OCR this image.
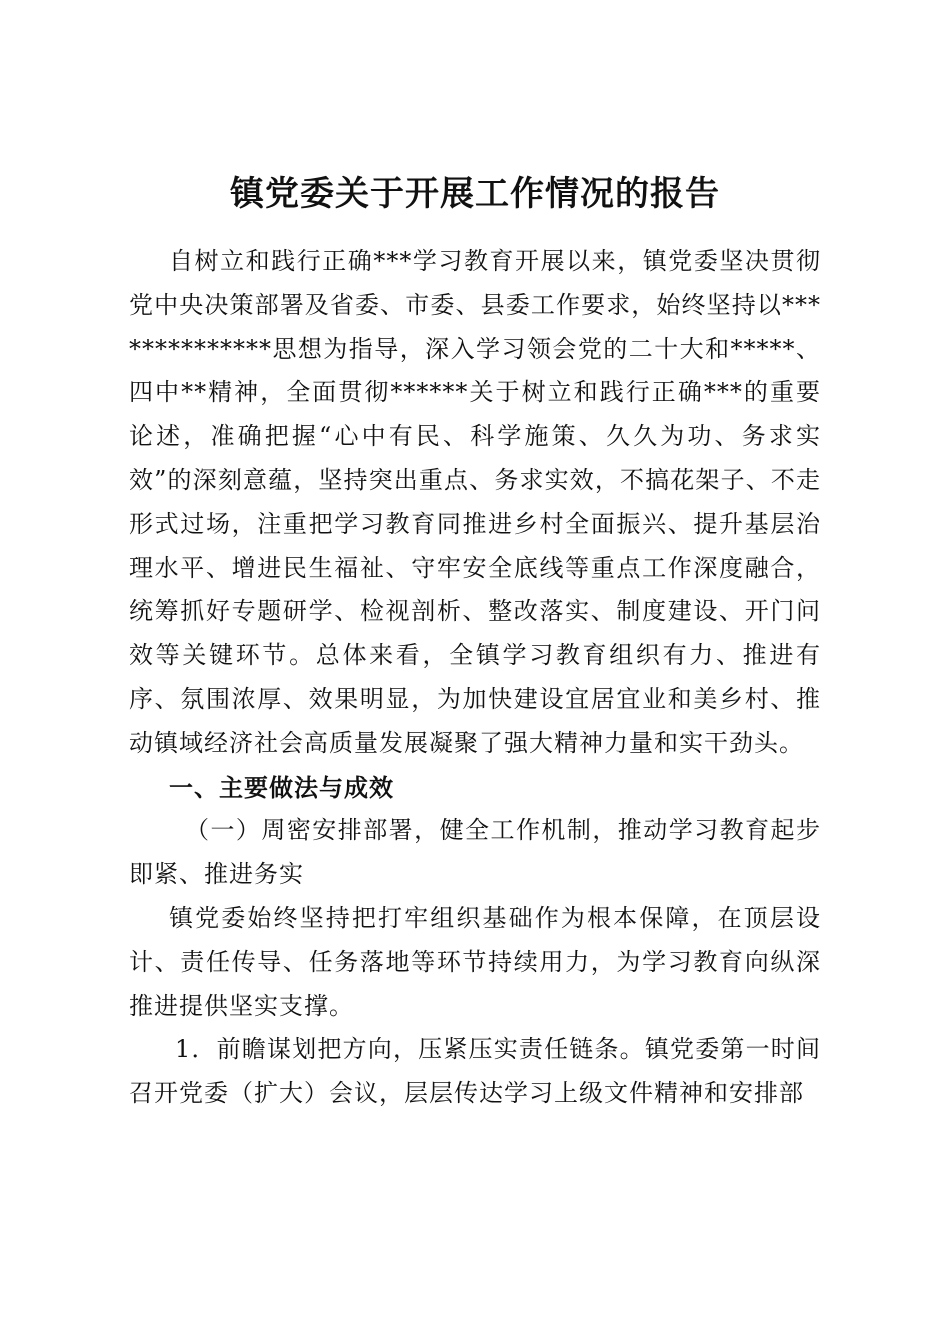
镇党委关于开展工作情况的报告

自树立和践行正确***学习教育开展以来，镇党委坚决贯彻党中央决策部署及省委、市委、县委工作要求，始终坚持以**************思想为指导，深入学习领会党的二十大和*****、四中**精神，全面贯彻******关于树立和践行正确***的重要论述，准确把握“心中有民、科学施策、久久为功、务求实效”的深刻意蕴，坚持突出重点、务求实效，不搞花架子、不走形式过场，注重把学习教育同推进乡村全面振兴、提升基层治理水平、增进民生福祉、守牢安全底线等重点工作深度融合，统筹抓好专题研学、检视剖析、整改落实、制度建设、开门问效等关键环节。总体来看，全镇学习教育组织有力、推进有序、氛围浓厚、效果明显，为加快建设宜居宜业和美乡村、推动镇域经济社会高质量发展凝聚了强大精神力量和实干劲头。

一、主要做法与成效

（一）周密安排部署，健全工作机制，推动学习教育起步即紧、推进务实

镇党委始终坚持把打牢组织基础作为根本保障，在顶层设计、责任传导、任务落地等环节持续用力，为学习教育向纵深推进提供坚实支撑。

1．前瞻谋划把方向，压紧压实责任链条。镇党委第一时间召开党委（扩大）会议，层层传达学习上级文件精神和安排部
